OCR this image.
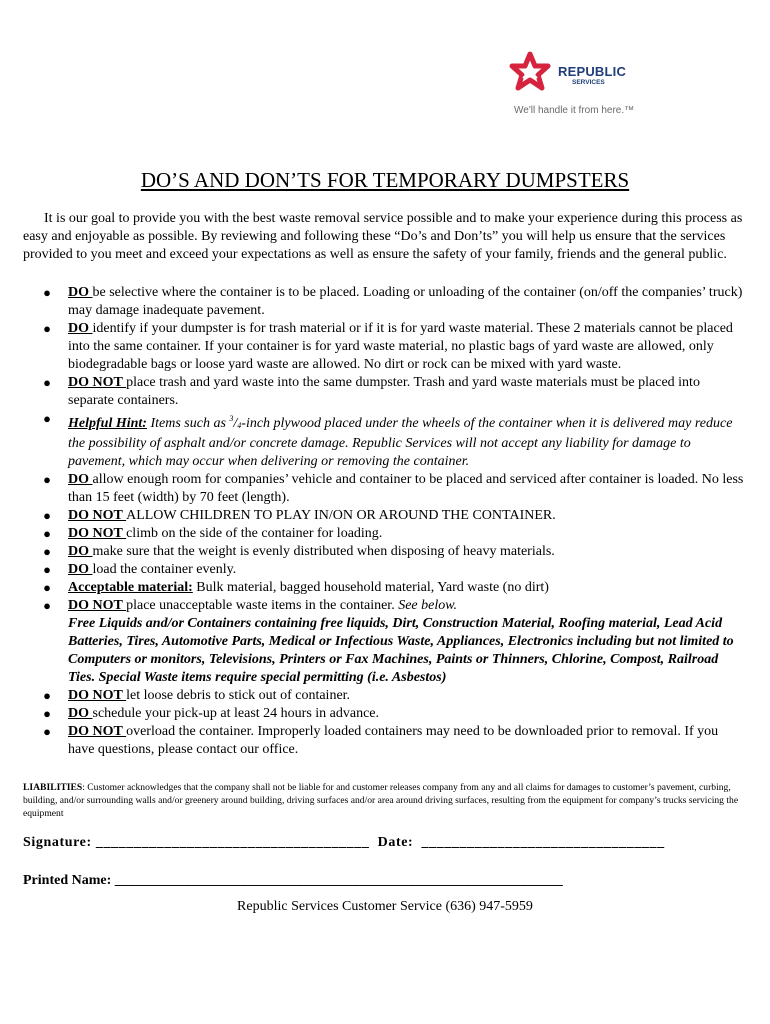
REPUBLIC
SERVICES
We'll handle it from here.™
DO’S AND DON’TS FOR TEMPORARY DUMPSTERS

It is our goal to provide you with the best waste removal service possible and to make your experience during this process as easy and enjoyable as possible. By reviewing and following these “Do’s and Don’ts” you will help us ensure that the services provided to you meet and exceed your expectations as well as ensure the safety of your family, friends and the general public.

● DO be selective where the container is to be placed. Loading or unloading of the container (on/off the companies’ truck) may damage inadequate pavement.
● DO identify if your dumpster is for trash material or if it is for yard waste material. These 2 materials cannot be placed into the same container. If your container is for yard waste material, no plastic bags of yard waste are allowed, only biodegradable bags or loose yard waste are allowed. No dirt or rock can be mixed with yard waste.
● DO NOT place trash and yard waste into the same dumpster. Trash and yard waste materials must be placed into separate containers.
● Helpful Hint: Items such as $^3$/4-inch plywood placed under the wheels of the container when it is delivered may reduce the possibility of asphalt and/or concrete damage. Republic Services will not accept any liability for damage to pavement, which may occur when delivering or removing the container.
● DO allow enough room for companies’ vehicle and container to be placed and serviced after container is loaded. No less than 15 feet (width) by 70 feet (length).
● DO NOT ALLOW CHILDREN TO PLAY IN/ON OR AROUND THE CONTAINER.
● DO NOT climb on the side of the container for loading.
● DO make sure that the weight is evenly distributed when disposing of heavy materials.
● DO load the container evenly.
● Acceptable material: Bulk material, bagged household material, Yard waste (no dirt)
● DO NOT place unacceptable waste items in the container. See below.
Free Liquids and/or Containers containing free liquids, Dirt, Construction Material, Roofing material, Lead Acid Batteries, Tires, Automotive Parts, Medical or Infectious Waste, Appliances, Electronics including but not limited to Computers or monitors, Televisions, Printers or Fax Machines, Paints or Thinners, Chlorine, Compost, Railroad Ties. Special Waste items require special permitting (i.e. Asbestos)
● DO NOT let loose debris to stick out of container.
● DO schedule your pick-up at least 24 hours in advance.
● DO NOT overload the container. Improperly loaded containers may need to be downloaded prior to removal. If you have questions, please contact our office.

LIABILITIES: Customer acknowledges that the company shall not be liable for and customer releases company from any and all claims for damages to customer’s pavement, curbing, building, and/or surrounding walls and/or greenery around building, driving surfaces and/or area around driving surfaces, resulting from the equipment for company’s trucks servicing the equipment

Signature: ____________________________________  Date:  ________________________________
Printed Name: ________________________________________________________________
Republic Services Customer Service (636) 947-5959
